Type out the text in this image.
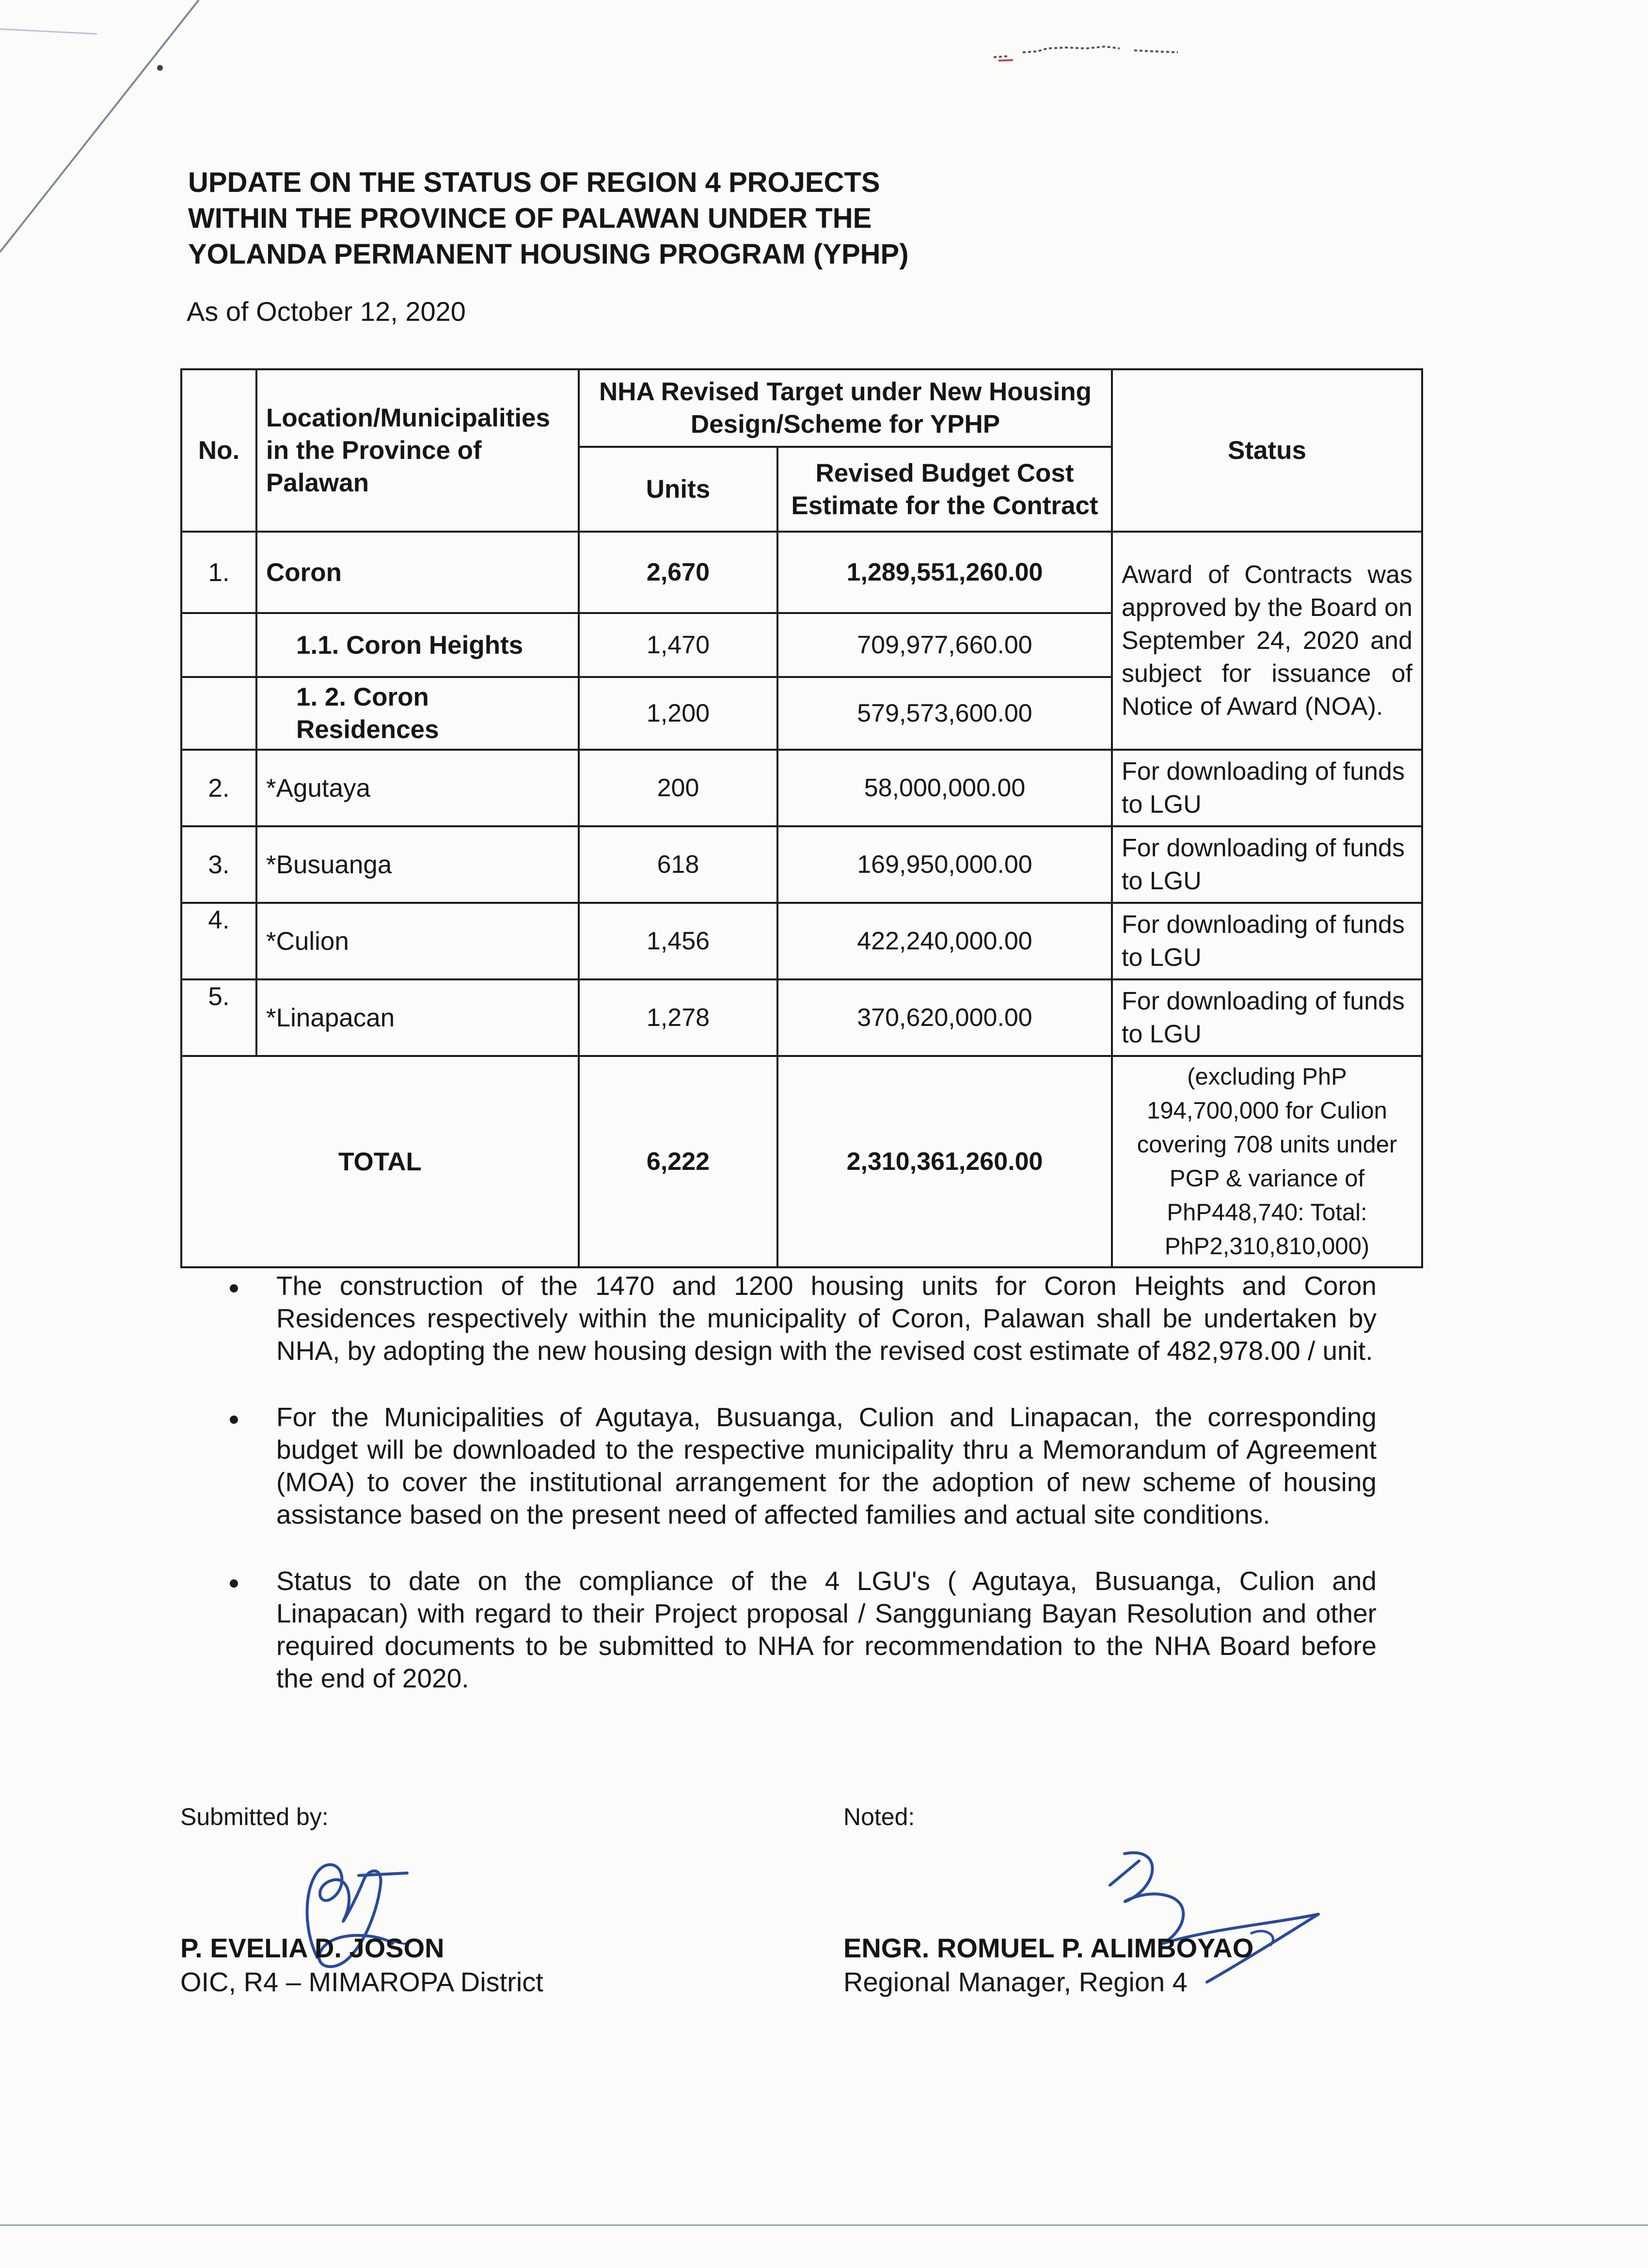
UPDATE ON THE STATUS OF REGION 4 PROJECTS
WITHIN THE PROVINCE OF PALAWAN UNDER THE
YOLANDA PERMANENT HOUSING PROGRAM (YPHP)
As of October 12, 2020
No.	Location/Municipalities in the Province of Palawan	NHA Revised Target under New Housing Design/Scheme for YPHP		Status
		Units	Revised Budget Cost Estimate for the Contract	
1.	Coron	2,670	1,289,551,260.00	Award of Contracts was approved by the Board on September 24, 2020 and subject for issuance of Notice of Award (NOA).
	1.1. Coron Heights	1,470	709,977,660.00	
	1. 2. Coron Residences	1,200	579,573,600.00	
2.	*Agutaya	200	58,000,000.00	For downloading of funds to LGU
3.	*Busuanga	618	169,950,000.00	For downloading of funds to LGU
4.	*Culion	1,456	422,240,000.00	For downloading of funds to LGU
5.	*Linapacan	1,278	370,620,000.00	For downloading of funds to LGU
TOTAL		6,222	2,310,361,260.00	(excluding PhP 194,700,000 for Culion covering 708 units under PGP & variance of PhP448,740: Total: PhP2,310,810,000)
The construction of the 1470 and 1200 housing units for Coron Heights and Coron Residences respectively within the municipality of Coron, Palawan shall be undertaken by NHA, by adopting the new housing design with the revised cost estimate of 482,978.00 / unit.
For the Municipalities of Agutaya, Busuanga, Culion and Linapacan, the corresponding budget will be downloaded to the respective municipality thru a Memorandum of Agreement (MOA) to cover the institutional arrangement for the adoption of new scheme of housing assistance based on the present need of affected families and actual site conditions.
Status to date on the compliance of the 4 LGU's ( Agutaya, Busuanga, Culion and Linapacan) with regard to their Project proposal / Sangguniang Bayan Resolution and other required documents to be submitted to NHA for recommendation to the NHA Board before the end of 2020.
Submitted by:	Noted:
P. EVELIA D. JOSON
OIC, R4 – MIMAROPA District
ENGR. ROMUEL P. ALIMBOYAO
Regional Manager, Region 4
